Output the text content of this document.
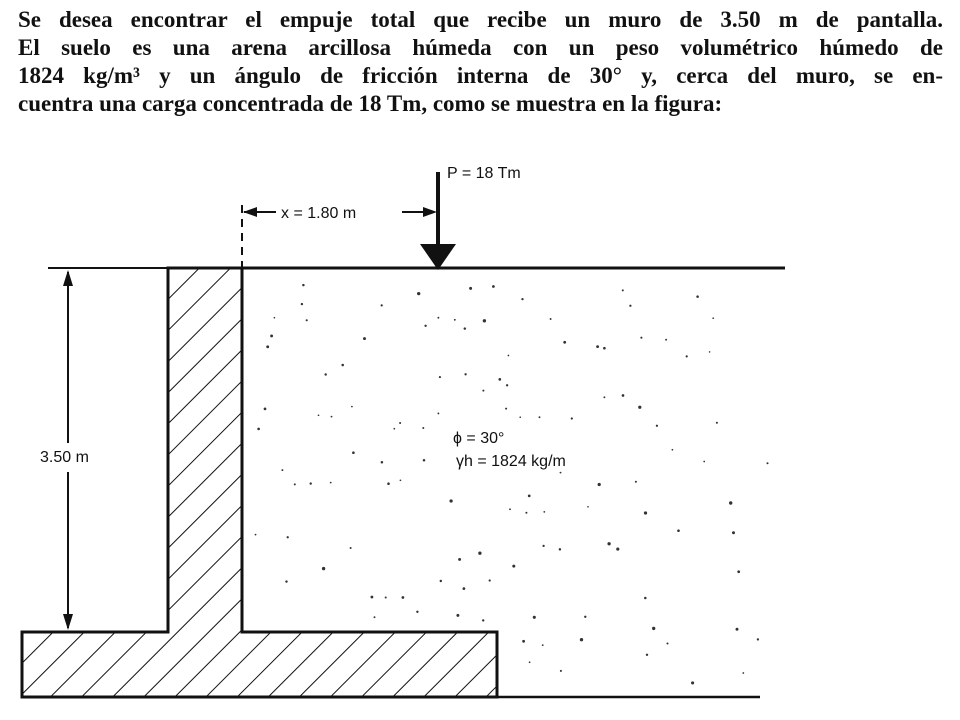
Se desea encontrar el empuje total que recibe un muro de 3.50 m de pantalla.
El suelo es una arena arcillosa húmeda con un peso volumétrico húmedo de
1824 kg/m³ y un ángulo de fricción interna de 30° y, cerca del muro, se en-
cuentra una carga concentrada de 18 Tm, como se muestra en la figura:
3.50 m
x = 1.80 m
P = 18 Tm
ϕ = 30°
γh = 1824 kg/m
